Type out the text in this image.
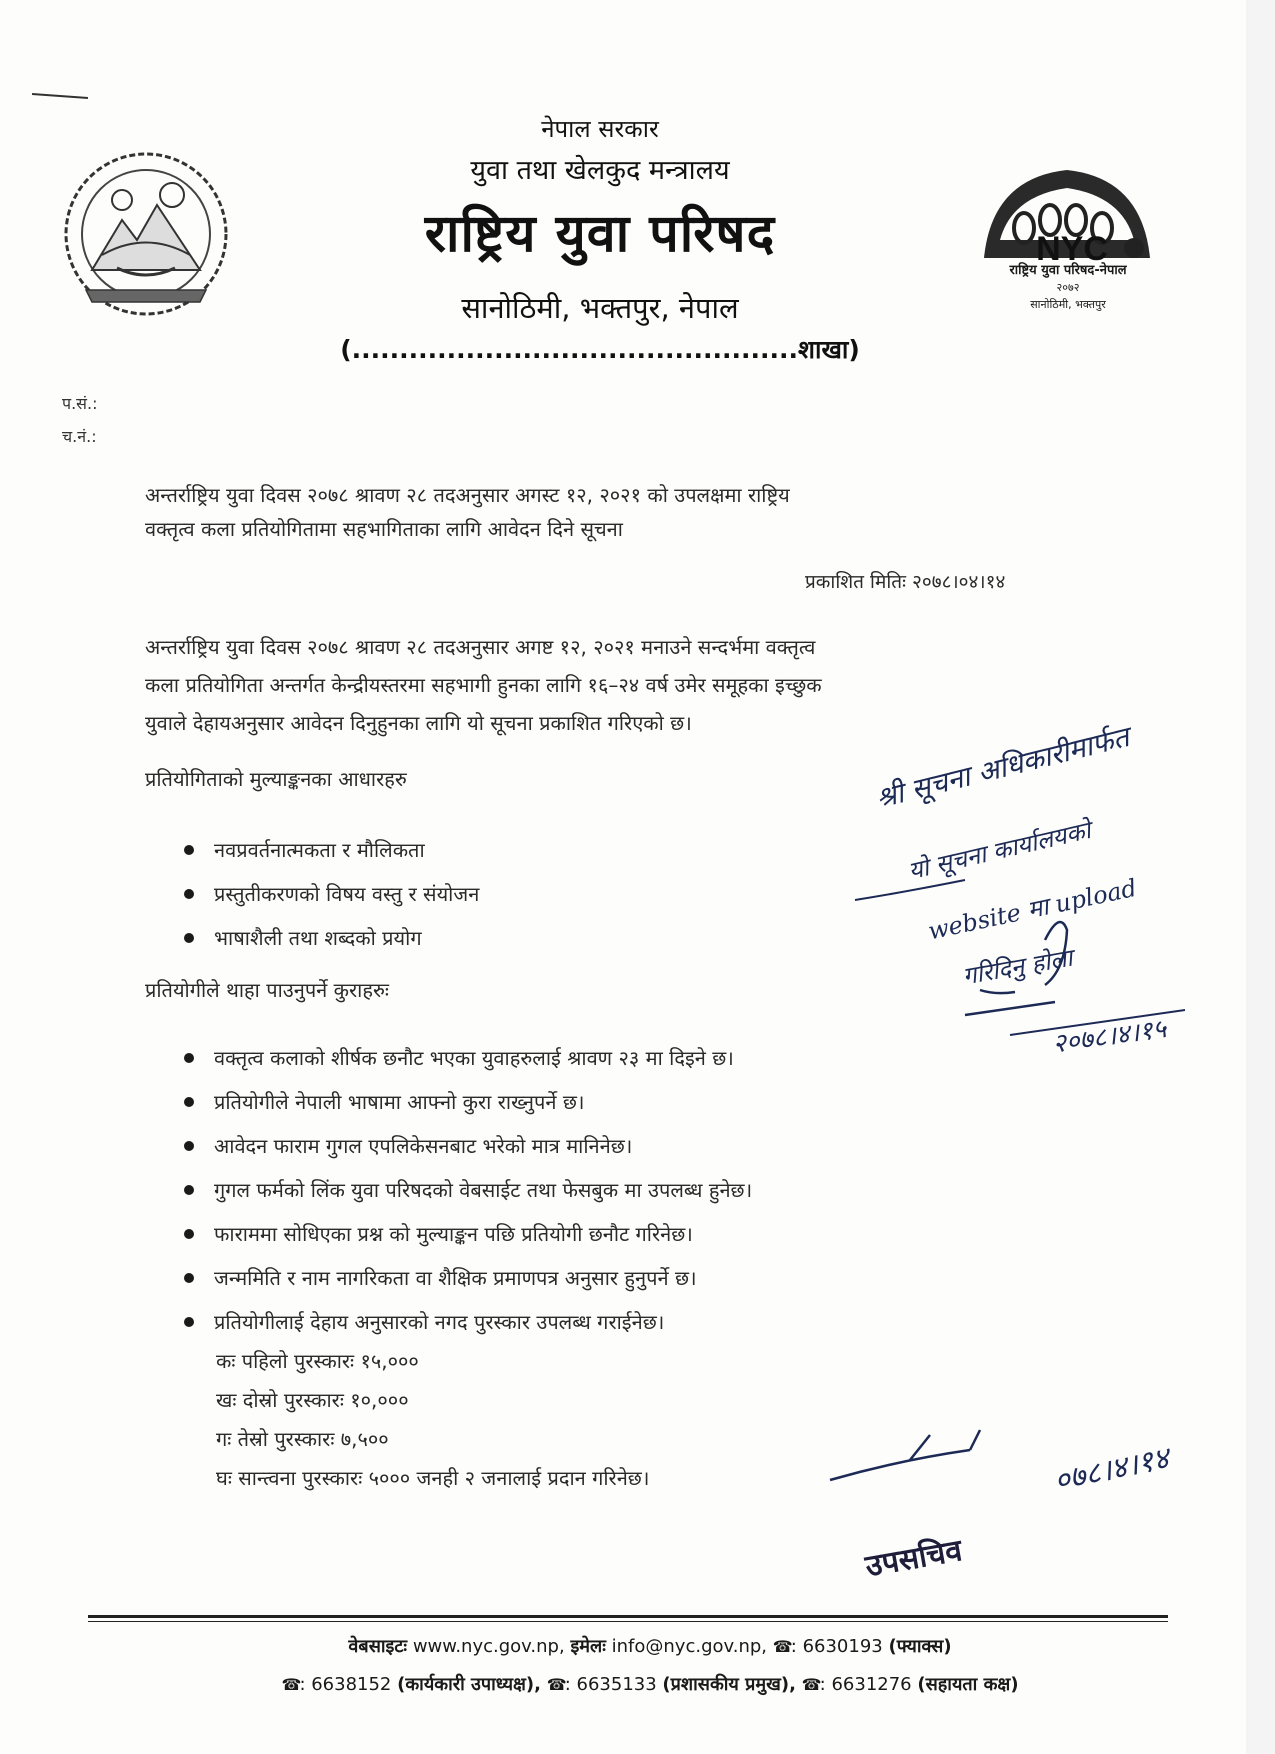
नेपाल सरकार
युवा तथा खेलकुद मन्त्रालय
राष्ट्रिय युवा परिषद
सानोठिमी, भक्तपुर, नेपाल
(...............................................शाखा)
NYC
राष्ट्रिय युवा परिषद-नेपाल
२०७२
सानोठिमी, भक्तपुर
प.सं.:
च.नं.:
अन्तर्राष्ट्रिय युवा दिवस २०७८ श्रावण २८ तदअनुसार अगस्ट १२, २०२१ को उपलक्षमा राष्ट्रिय
वक्तृत्व कला प्रतियोगितामा सहभागिताका लागि आवेदन दिने सूचना
प्रकाशित मितिः २०७८।०४।१४
अन्तर्राष्ट्रिय युवा दिवस २०७८ श्रावण २८ तदअनुसार अगष्ट १२, २०२१ मनाउने सन्दर्भमा वक्तृत्व
कला प्रतियोगिता अन्तर्गत केन्द्रीयस्तरमा सहभागी हुनका लागि १६–२४ वर्ष उमेर समूहका इच्छुक
युवाले देहायअनुसार आवेदन दिनुहुनका लागि यो सूचना प्रकाशित गरिएको छ।
प्रतियोगिताको मुल्याङ्कनका आधारहरु
नवप्रवर्तनात्मकता र मौलिकता
प्रस्तुतीकरणको विषय वस्तु र संयोजन
भाषाशैली तथा शब्दको प्रयोग
प्रतियोगीले थाहा पाउनुपर्ने कुराहरुः
वक्तृत्व कलाको शीर्षक छनौट भएका युवाहरुलाई श्रावण २३ मा दिइने छ।
प्रतियोगीले नेपाली भाषामा आफ्नो कुरा राख्नुपर्ने छ।
आवेदन फाराम गुगल एपलिकेसनबाट भरेको मात्र मानिनेछ।
गुगल फर्मको लिंक युवा परिषदको वेबसाईट तथा फेसबुक मा उपलब्ध हुनेछ।
फाराममा सोधिएका प्रश्न को मुल्याङ्कन पछि प्रतियोगी छनौट गरिनेछ।
जन्ममिति र नाम नागरिकता वा शैक्षिक प्रमाणपत्र अनुसार हुनुपर्ने छ।
प्रतियोगीलाई देहाय अनुसारको नगद पुरस्कार उपलब्ध गराईनेछ।
कः पहिलो पुरस्कारः १५,०००
खः दोस्रो पुरस्कारः १०,०००
गः तेस्रो पुरस्कारः ७,५००
घः सान्त्वना पुरस्कारः ५००० जनही २ जनालाई प्रदान गरिनेछ।
श्री सूचना अधिकारीमार्फत
यो सूचना कार्यालयको
website मा upload
गरिदिनु होला
२०७८।४।१५
०७८।४।१४
उपसचिव
वेबसाइटः www.nyc.gov.np, इमेलः info@nyc.gov.np, ☎: 6630193 (फ्याक्स)
☎: 6638152 (कार्यकारी उपाध्यक्ष), ☎: 6635133 (प्रशासकीय प्रमुख), ☎: 6631276 (सहायता कक्ष)
